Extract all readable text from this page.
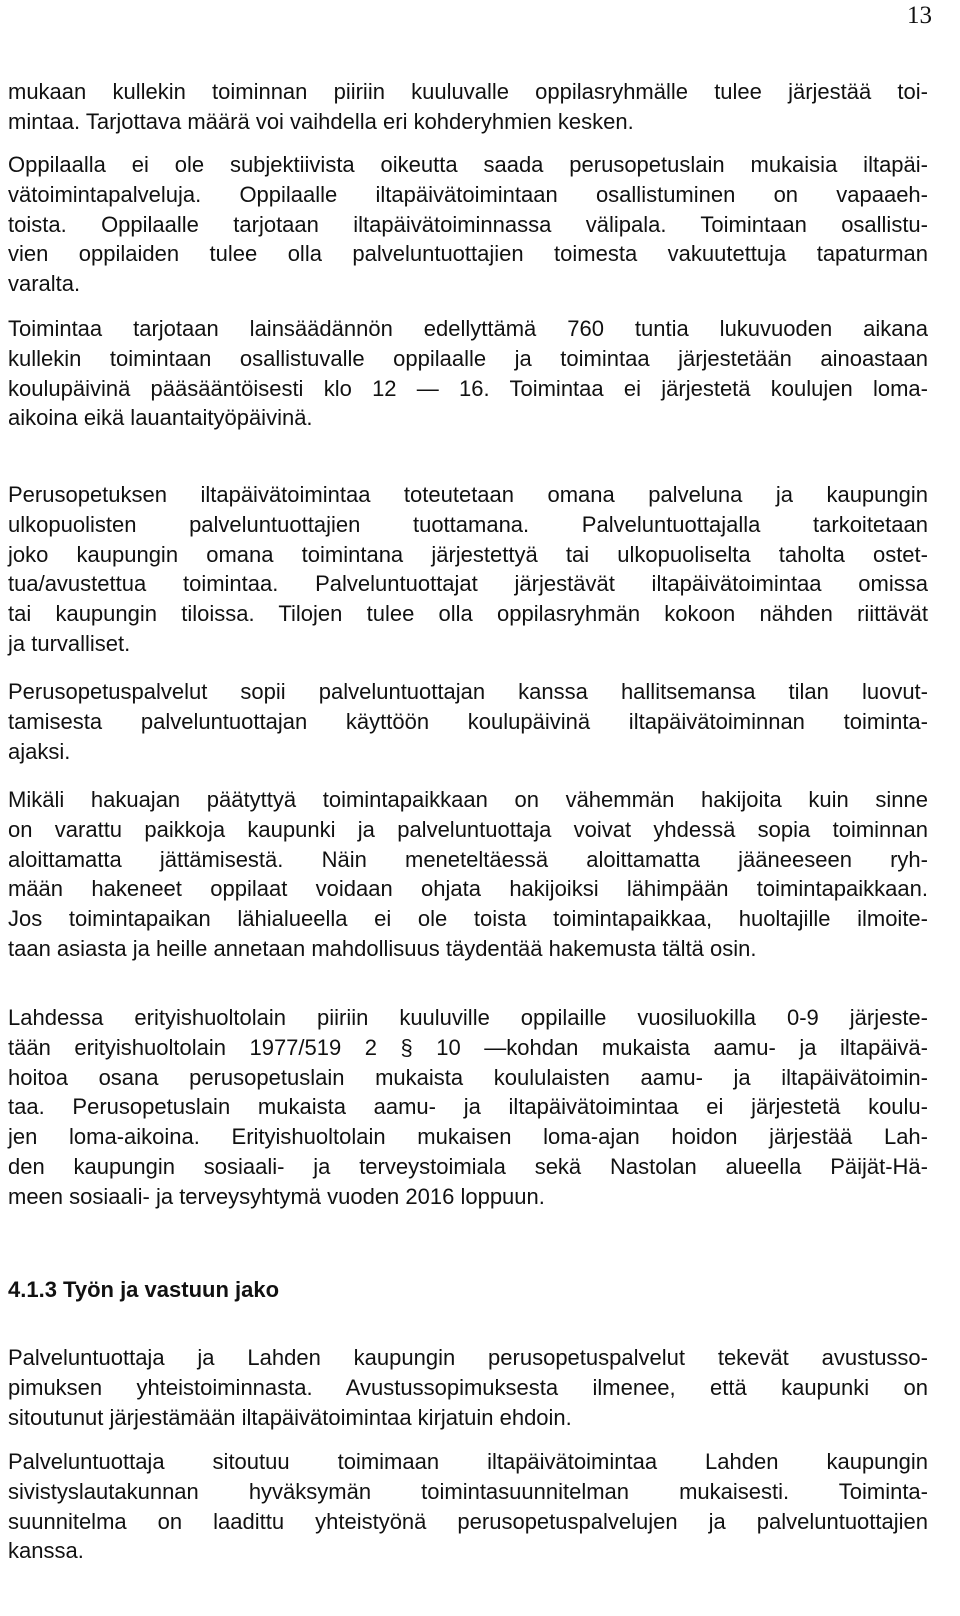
13
mukaan kullekin toiminnan piiriin kuuluvalle oppilasryhmälle tulee järjestää toi-
mintaa. Tarjottava määrä voi vaihdella eri kohderyhmien kesken.
Oppilaalla ei ole subjektiivista oikeutta saada perusopetuslain mukaisia iltapäi-
vätoimintapalveluja. Oppilaalle iltapäivätoimintaan osallistuminen on vapaaeh-
toista. Oppilaalle tarjotaan iltapäivätoiminnassa välipala. Toimintaan osallistu-
vien oppilaiden tulee olla palveluntuottajien toimesta vakuutettuja tapaturman
varalta.
Toimintaa tarjotaan lainsäädännön edellyttämä 760 tuntia lukuvuoden aikana
kullekin toimintaan osallistuvalle oppilaalle ja toimintaa järjestetään ainoastaan
koulupäivinä pääsääntöisesti klo 12 — 16. Toimintaa ei järjestetä koulujen loma-
aikoina eikä lauantaityöpäivinä.
Perusopetuksen iltapäivätoimintaa toteutetaan omana palveluna ja kaupungin
ulkopuolisten palveluntuottajien tuottamana. Palveluntuottajalla tarkoitetaan
joko kaupungin omana toimintana järjestettyä tai ulkopuoliselta taholta ostet-
tua/avustettua toimintaa. Palveluntuottajat järjestävät iltapäivätoimintaa omissa
tai kaupungin tiloissa. Tilojen tulee olla oppilasryhmän kokoon nähden riittävät
ja turvalliset.
Perusopetuspalvelut sopii palveluntuottajan kanssa hallitsemansa tilan luovut-
tamisesta palveluntuottajan käyttöön koulupäivinä iltapäivätoiminnan toiminta-
ajaksi.
Mikäli hakuajan päätyttyä toimintapaikkaan on vähemmän hakijoita kuin sinne
on varattu paikkoja kaupunki ja palveluntuottaja voivat yhdessä sopia toiminnan
aloittamatta jättämisestä. Näin meneteltäessä aloittamatta jääneeseen ryh-
mään hakeneet oppilaat voidaan ohjata hakijoiksi lähimpään toimintapaikkaan.
Jos toimintapaikan lähialueella ei ole toista toimintapaikkaa, huoltajille ilmoite-
taan asiasta ja heille annetaan mahdollisuus täydentää hakemusta tältä osin.
Lahdessa erityishuoltolain piiriin kuuluville oppilaille vuosiluokilla 0-9 järjeste-
tään erityishuoltolain 1977/519 2 § 10 —kohdan mukaista aamu- ja iltapäivä-
hoitoa osana perusopetuslain mukaista koululaisten aamu- ja iltapäivätoimin-
taa. Perusopetuslain mukaista aamu- ja iltapäivätoimintaa ei järjestetä koulu-
jen loma-aikoina. Erityishuoltolain mukaisen loma-ajan hoidon järjestää Lah-
den kaupungin sosiaali- ja terveystoimiala sekä Nastolan alueella Päijät-Hä-
meen sosiaali- ja terveysyhtymä vuoden 2016 loppuun.
4.1.3 Työn ja vastuun jako
Palveluntuottaja ja Lahden kaupungin perusopetuspalvelut tekevät avustusso-
pimuksen yhteistoiminnasta. Avustussopimuksesta ilmenee, että kaupunki on
sitoutunut järjestämään iltapäivätoimintaa kirjatuin ehdoin.
Palveluntuottaja sitoutuu toimimaan iltapäivätoimintaa Lahden kaupungin
sivistyslautakunnan hyväksymän toimintasuunnitelman mukaisesti. Toiminta-
suunnitelma on laadittu yhteistyönä perusopetuspalvelujen ja palveluntuottajien
kanssa.
